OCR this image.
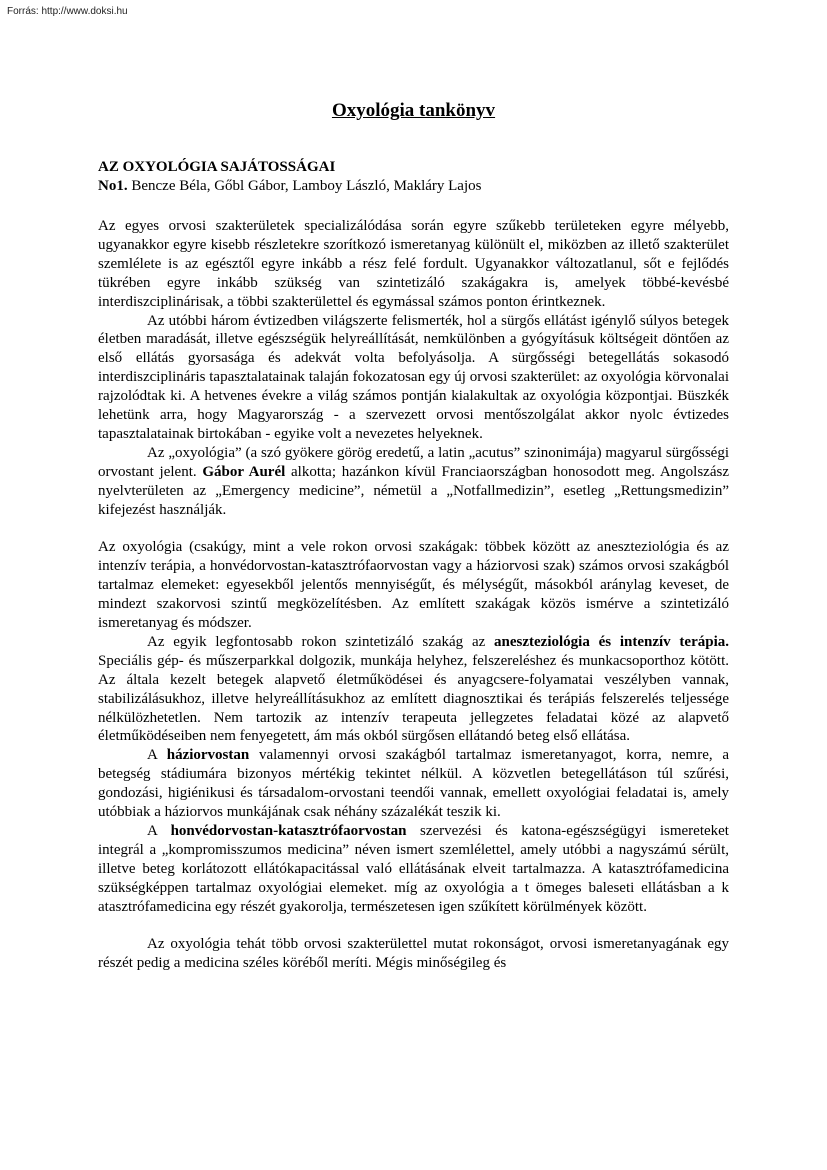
Forrás: http://www.doksi.hu
Oxyológia tankönyv
AZ OXYOLÓGIA SAJÁTOSSÁGAI

No1. Bencze Béla, Gőbl Gábor, Lamboy László, Makláry Lajos

Az egyes orvosi szakterületek specializálódása során egyre szűkebb területeken egyre mélyebb, ugyanakkor egyre kisebb részletekre szorítkozó ismeretanyag különült el, miközben az illető szakterület szemlélete is az egésztől egyre inkább a rész felé fordult. Ugyanakkor változatlanul, sőt e fejlődés tükrében egyre inkább szükség van szintetizáló szakágakra is, amelyek többé-kevésbé interdiszciplinárisak, a többi szakterülettel és egymással számos ponton érintkeznek.

Az utóbbi három évtizedben világszerte felismerték, hol a sürgős ellátást igénylő súlyos betegek életben maradását, illetve egészségük helyreállítását, nemkülönben a gyógyításuk költségeit döntően az első ellátás gyorsasága és adekvát volta befolyásolja. A sürgősségi betegellátás sokasodó interdiszciplináris tapasztalatainak talaján fokozatosan egy új orvosi szakterület: az oxyológia körvonalai rajzolódtak ki. A hetvenes évekre a világ számos pontján kialakultak az oxyológia központjai. Büszkék lehetünk arra, hogy Magyarország - a szervezett orvosi mentőszolgálat akkor nyolc évtizedes tapasztalatainak birtokában - egyike volt a nevezetes helyeknek.

Az „oxyológia” (a szó gyökere görög eredetű, a latin „acutus” szinonimája) magyarul sürgősségi orvostant jelent. Gábor Aurél alkotta; hazánkon kívül Franciaországban honosodott meg. Angolszász nyelvterületen az „Emergency medicine”, németül a „Notfallmedizin”, esetleg „Rettungsmedizin” kifejezést használják.

Az oxyológia (csakúgy, mint a vele rokon orvosi szakágak: többek között az aneszteziológia és az intenzív terápia, a honvédorvostan-katasztrófaorvostan vagy a háziorvosi szak) számos orvosi szakágból tartalmaz elemeket: egyesekből jelentős mennyiségűt, és mélységűt, másokból aránylag keveset, de mindezt szakorvosi szintű megközelítésben. Az említett szakágak közös ismérve a szintetizáló ismeretanyag és módszer.

Az egyik legfontosabb rokon szintetizáló szakág az aneszteziológia és intenzív terápia. Speciális gép- és műszerparkkal dolgozik, munkája helyhez, felszereléshez és munkacsoporthoz kötött. Az általa kezelt betegek alapvető életműködései és anyagcsere-folyamatai veszélyben vannak, stabilizálásukhoz, illetve helyreállításukhoz az említett diagnosztikai és terápiás felszerelés teljessége nélkülözhetetlen. Nem tartozik az intenzív terapeuta jellegzetes feladatai közé az alapvető életműködéseiben nem fenyegetett, ám más okból sürgősen ellátandó beteg első ellátása.

A háziorvostan valamennyi orvosi szakágból tartalmaz ismeretanyagot, korra, nemre, a betegség stádiumára bizonyos mértékig tekintet nélkül. A közvetlen betegellátáson túl szűrési, gondozási, higiénikusi és társadalom-orvostani teendői vannak, emellett oxyológiai feladatai is, amely utóbbiak a háziorvos munkájának csak néhány százalékát teszik ki.

A honvédorvostan-katasztrófaorvostan szervezési és katona-egészségügyi ismereteket integrál a „kompromisszumos medicina” néven ismert szemlélettel, amely utóbbi a nagyszámú sérült, illetve beteg korlátozott ellátókapacitással való ellátásának elveit tartalmazza. A katasztrófamedicina szükségképpen tartalmaz oxyológiai elemeket. míg az oxyológia a t ömeges baleseti ellátásban a k atasztrófamedicina egy részét gyakorolja, természetesen igen szűkített körülmények között.

Az oxyológia tehát több orvosi szakterülettel mutat rokonságot, orvosi ismeretanyagának egy részét pedig a medicina széles köréből meríti. Mégis minőségileg és
